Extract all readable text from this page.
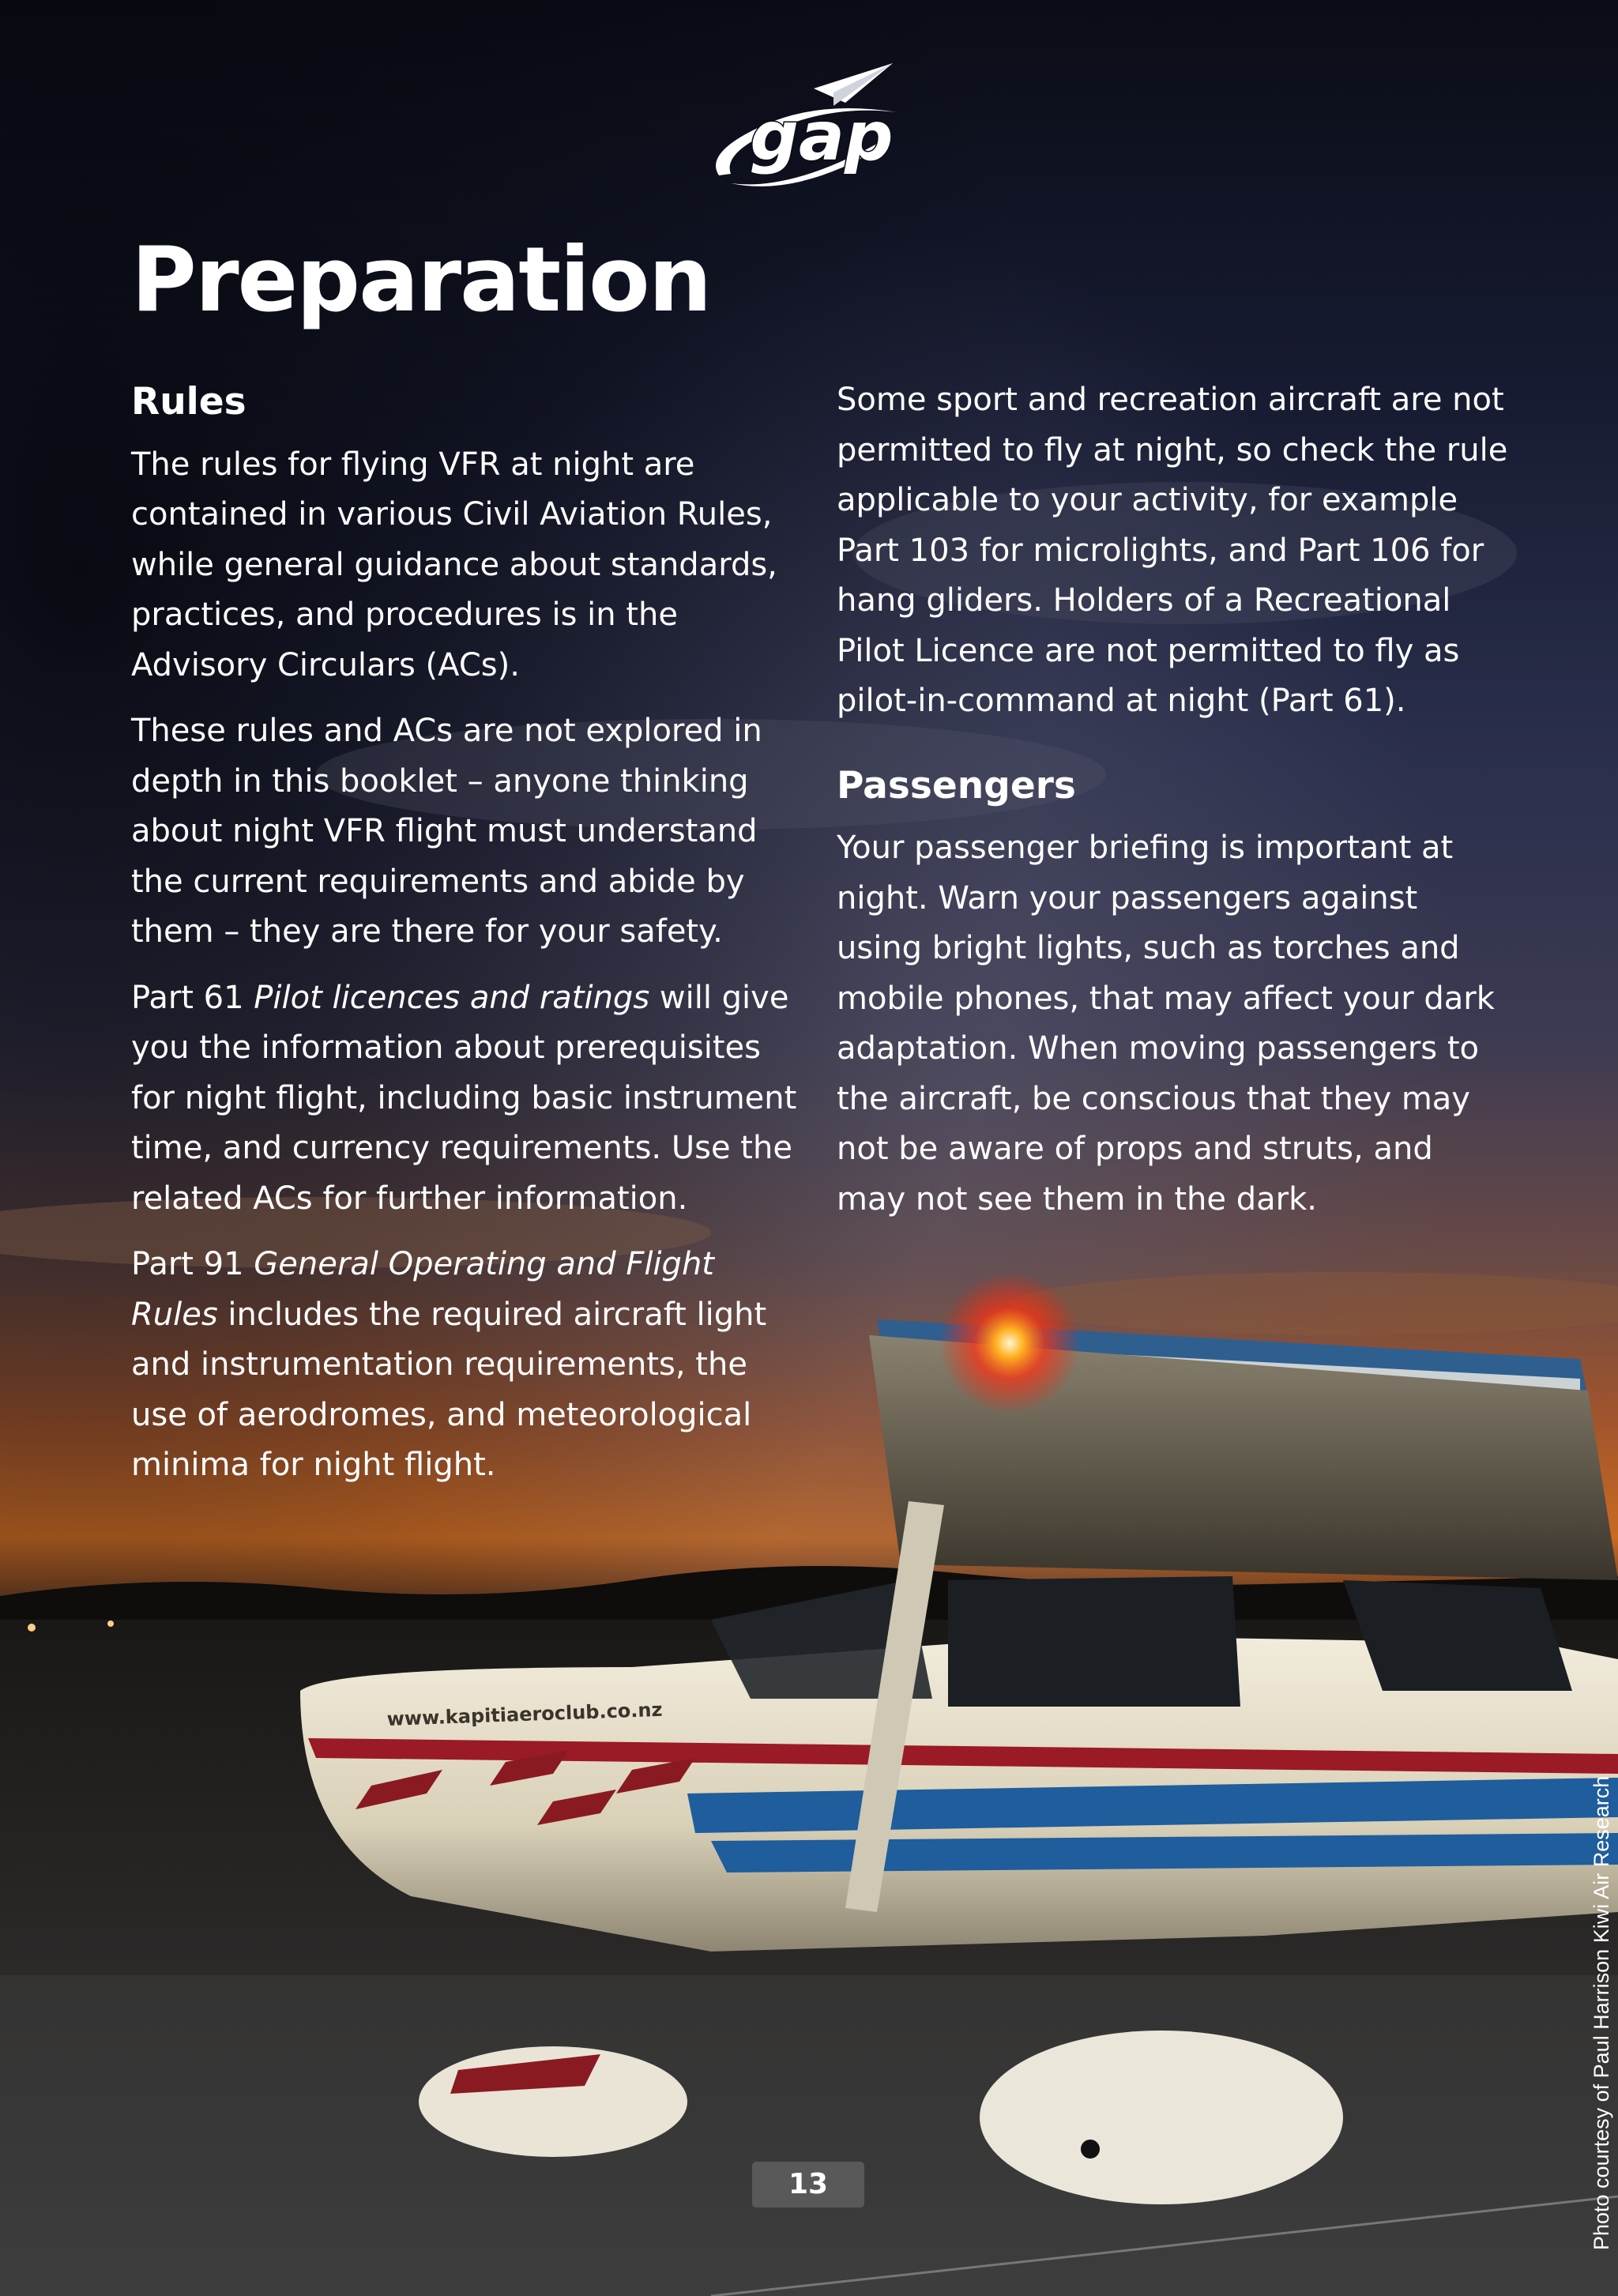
gap
Preparation
Rules

The rules for flying VFR at night are contained in various Civil Aviation Rules, while general guidance about standards, practices, and procedures is in the Advisory Circulars (ACs).

These rules and ACs are not explored in depth in this booklet – anyone thinking about night VFR flight must understand the current requirements and abide by them – they are there for your safety.

Part 61 Pilot licences and ratings will give you the information about prerequisites for night flight, including basic instrument time, and currency requirements. Use the related ACs for further information.

Part 91 General Operating and Flight Rules includes the required aircraft light and instrumentation requirements, the use of aerodromes, and meteorological minima for night flight.

Some sport and recreation aircraft are not permitted to fly at night, so check the rule applicable to your activity, for example Part 103 for microlights, and Part 106 for hang gliders. Holders of a Recreational Pilot Licence are not permitted to fly as pilot-in-command at night (Part 61).

Passengers

Your passenger briefing is important at night. Warn your passengers against using bright lights, such as torches and mobile phones, that may affect your dark adaptation. When moving passengers to the aircraft, be conscious that they may not be aware of props and struts, and may not see them in the dark.

www.kapitiaeroclub.co.nz
13	Photo courtesy of Paul Harrison Kiwi Air Research
